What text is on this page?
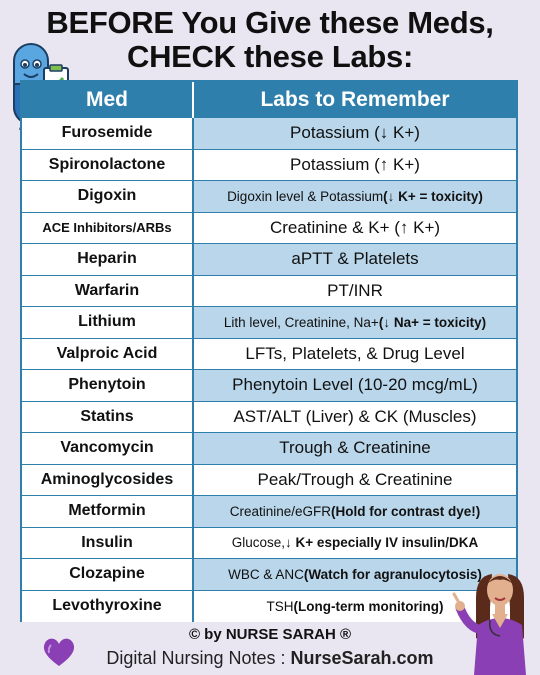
BEFORE You Give these Meds,
CHECK these Labs:
Med	Labs to Remember
Furosemide	Potassium (↓ K+)
Spironolactone	Potassium (↑ K+)
Digoxin	Digoxin level & Potassium (↓ K+ = toxicity)
ACE Inhibitors/ARBs	Creatinine & K+ (↑ K+)
Heparin	aPTT & Platelets
Warfarin	PT/INR
Lithium	Lith level, Creatinine, Na+ (↓ Na+ = toxicity)
Valproic Acid	LFTs, Platelets, & Drug Level
Phenytoin	Phenytoin Level (10-20 mcg/mL)
Statins	AST/ALT (Liver) & CK (Muscles)
Vancomycin	Trough & Creatinine
Aminoglycosides	Peak/Trough & Creatinine
Metformin	Creatinine/eGFR (Hold for contrast dye!)
Insulin	Glucose, ↓ K+ especially IV insulin/DKA
Clozapine	WBC & ANC (Watch for agranulocytosis)
Levothyroxine	TSH (Long-term monitoring)
© by NURSE SARAH ®
Digital Nursing Notes : NurseSarah.com
